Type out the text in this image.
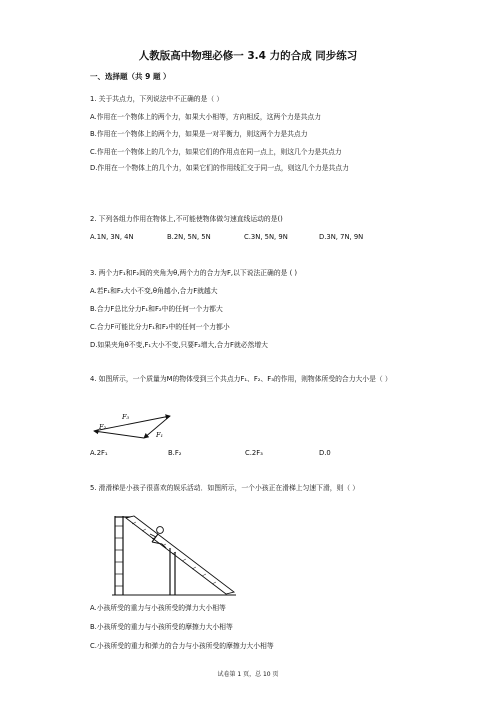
人教版高中物理必修一 3.4 力的合成 同步练习
一、选择题（共 9 题 ）
1. 关于共点力，下列说法中不正确的是（ ）
A.作用在一个物体上的两个力，如果大小相等，方向相反，这两个力是共点力
B.作用在一个物体上的两个力，如果是一对平衡力，则这两个力是共点力
C.作用在一个物体上的几个力，如果它们的作用点在同一点上，则这几个力是共点力
D.作用在一个物体上的几个力，如果它们的作用线汇交于同一点，则这几个力是共点力
2. 下列各组力作用在物体上,不可能使物体做匀速直线运动的是()
A.1N, 3N, 4N	B.2N, 5N, 5N	C.3N, 5N, 9N	D.3N, 7N, 9N
3. 两个力F₁和F₂间的夹角为θ,两个力的合力为F,以下说法正确的是 ( )
A.若F₁和F₂大小不变,θ角越小,合力F就越大
B.合力F总比分力F₁和F₂中的任何一个力都大
C.合力F可能比分力F₁和F₂中的任何一个力都小
D.如果夹角θ不变,F₁大小不变,只要F₂增大,合力F就必然增大
4. 如图所示，一个质量为M的物体受到三个共点力F₁、F₂、F₃的作用，则物体所受的合力大小是（ ）
F₃
F₂
F₁
A.2F₁	B.F₂	C.2F₃	D.0
5. 滑滑梯是小孩子很喜欢的娱乐活动．如图所示，一个小孩正在滑梯上匀速下滑，则（ ）
A.小孩所受的重力与小孩所受的弹力大小相等
B.小孩所受的重力与小孩所受的摩擦力大小相等
C.小孩所受的重力和弹力的合力与小孩所受的摩擦力大小相等
试卷第 1 页，总 10 页
